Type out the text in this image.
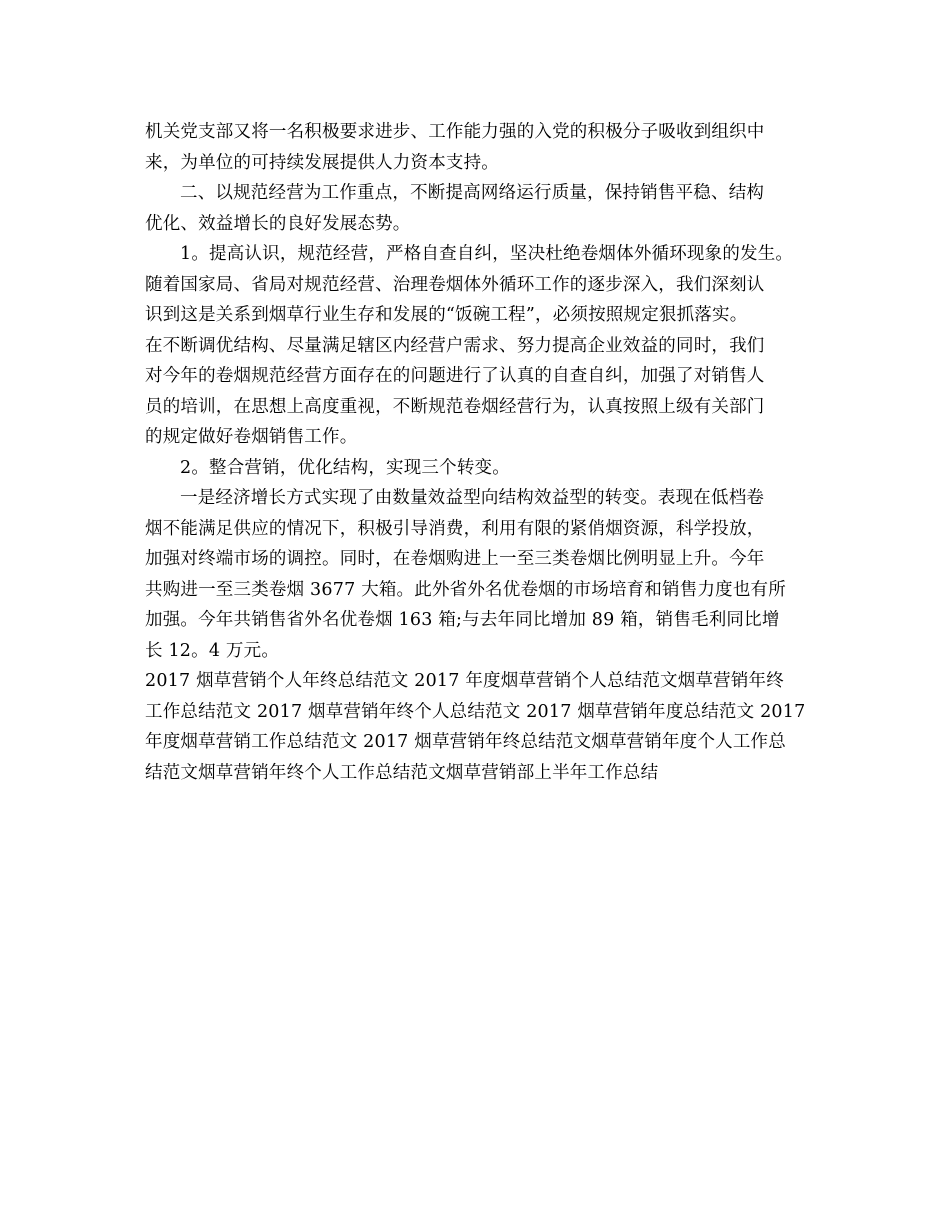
机关党支部又将一名积极要求进步、工作能力强的入党的积极分子吸收到组织中
来，为单位的可持续发展提供人力资本支持。
二、以规范经营为工作重点，不断提高网络运行质量，保持销售平稳、结构
优化、效益增长的良好发展态势。
1。提高认识，规范经营，严格自查自纠，坚决杜绝卷烟体外循环现象的发生。
随着国家局、省局对规范经营、治理卷烟体外循环工作的逐步深入，我们深刻认
识到这是关系到烟草行业生存和发展的“饭碗工程”，必须按照规定狠抓落实。
在不断调优结构、尽量满足辖区内经营户需求、努力提高企业效益的同时，我们
对今年的卷烟规范经营方面存在的问题进行了认真的自查自纠，加强了对销售人
员的培训，在思想上高度重视，不断规范卷烟经营行为，认真按照上级有关部门
的规定做好卷烟销售工作。
2。整合营销，优化结构，实现三个转变。
一是经济增长方式实现了由数量效益型向结构效益型的转变。表现在低档卷
烟不能满足供应的情况下，积极引导消费，利用有限的紧俏烟资源，科学投放，
加强对终端市场的调控。同时，在卷烟购进上一至三类卷烟比例明显上升。今年
共购进一至三类卷烟 3677 大箱。此外省外名优卷烟的市场培育和销售力度也有所
加强。今年共销售省外名优卷烟 163 箱;与去年同比增加 89 箱，销售毛利同比增
长 12。4 万元。
2017 烟草营销个人年终总结范文 2017 年度烟草营销个人总结范文烟草营销年终
工作总结范文 2017 烟草营销年终个人总结范文 2017 烟草营销年度总结范文 2017
年度烟草营销工作总结范文 2017 烟草营销年终总结范文烟草营销年度个人工作总
结范文烟草营销年终个人工作总结范文烟草营销部上半年工作总结
